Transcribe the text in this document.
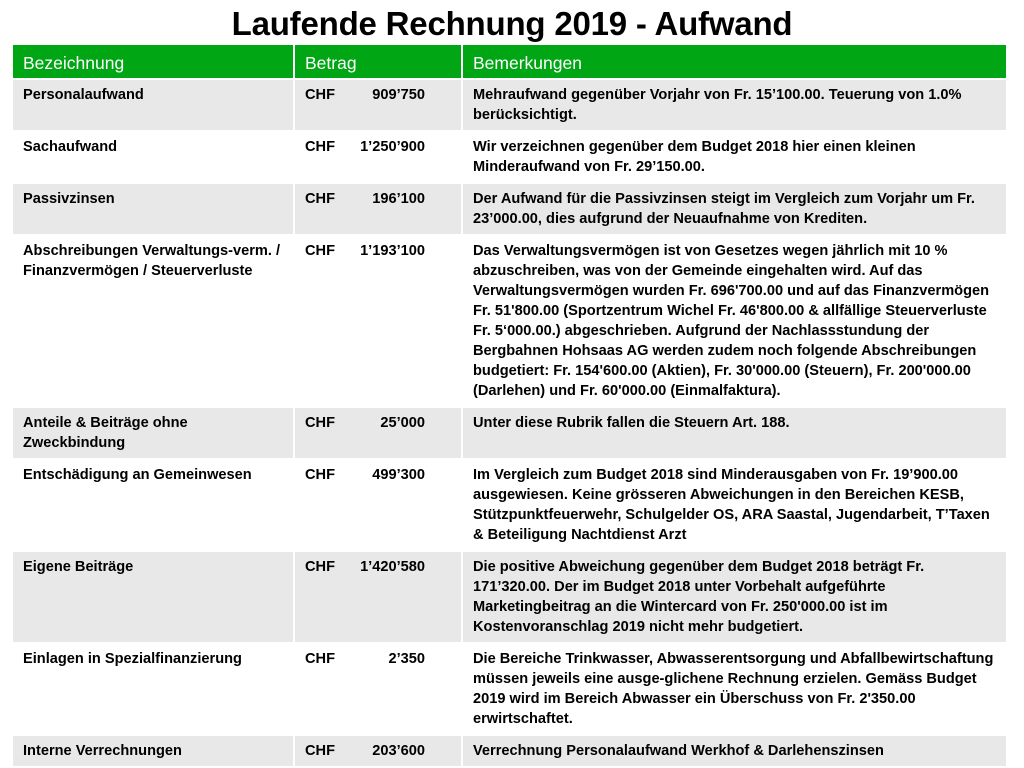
Laufende Rechnung 2019 - Aufwand
Bezeichnung	Betrag	Bemerkungen
Personalaufwand	CHF 909’750	Mehraufwand gegenüber Vorjahr von Fr. 15’100.00. Teuerung von 1.0% berücksichtigt.
Sachaufwand	CHF 1’250’900	Wir verzeichnen gegenüber dem Budget 2018 hier einen kleinen Minderaufwand von Fr. 29’150.00.
Passivzinsen	CHF 196’100	Der Aufwand für die Passivzinsen steigt im Vergleich zum Vorjahr um Fr. 23’000.00, dies aufgrund der Neuaufnahme von Krediten.
Abschreibungen Verwaltungs-verm. / Finanzvermögen / Steuerverluste	CHF 1’193’100	Das Verwaltungsvermögen ist von Gesetzes wegen jährlich mit 10 % abzuschreiben, was von der Gemeinde eingehalten wird. Auf das Verwaltungsvermögen wurden Fr. 696'700.00 und auf das Finanzvermögen Fr. 51'800.00 (Sportzentrum Wichel Fr. 46'800.00 & allfällige Steuerverluste Fr. 5‘000.00.) abgeschrieben. Aufgrund der Nachlassstundung der Bergbahnen Hohsaas AG werden zudem noch folgende Abschreibungen budgetiert: Fr. 154'600.00 (Aktien), Fr. 30'000.00 (Steuern), Fr. 200'000.00 (Darlehen) und Fr. 60'000.00 (Einmalfaktura).
Anteile & Beiträge ohne Zweckbindung	CHF 25’000	Unter diese Rubrik fallen die Steuern Art. 188.
Entschädigung an Gemeinwesen	CHF 499’300	Im Vergleich zum Budget 2018 sind Minderausgaben von Fr. 19’900.00 ausgewiesen. Keine grösseren Abweichungen in den Bereichen KESB, Stützpunktfeuerwehr, Schulgelder OS, ARA Saastal, Jugendarbeit, T’Taxen & Beteiligung Nachtdienst Arzt
Eigene Beiträge	CHF 1’420’580	Die positive Abweichung gegenüber dem Budget 2018 beträgt Fr. 171’320.00. Der im Budget 2018 unter Vorbehalt aufgeführte Marketingbeitrag an die Wintercard von Fr. 250'000.00 ist im Kostenvoranschlag 2019 nicht mehr budgetiert.
Einlagen in Spezialfinanzierung	CHF 2’350	Die Bereiche Trinkwasser, Abwasserentsorgung und Abfallbewirtschaftung müssen jeweils eine ausge-glichene Rechnung erzielen. Gemäss Budget 2019 wird im Bereich Abwasser ein Überschuss von Fr. 2'350.00 erwirtschaftet.
Interne Verrechnungen	CHF 203’600	Verrechnung Personalaufwand Werkhof & Darlehenszinsen
